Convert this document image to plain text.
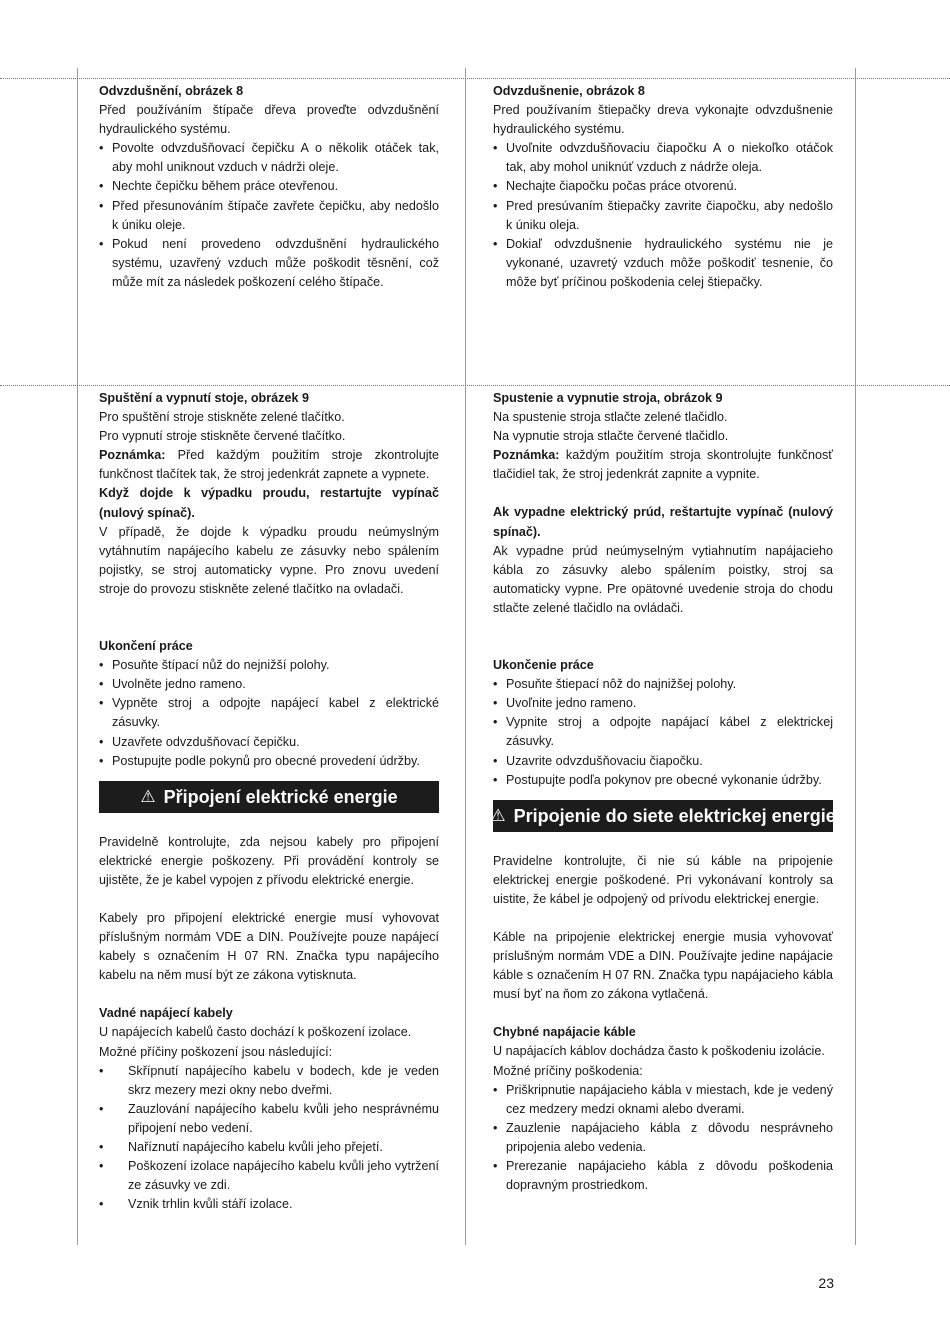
Odvzdušnění, obrázek 8

Před používáním štípače dřeva proveďte odvzdušnění hydraulického systému.

• Povolte odvzdušňovací čepičku A o několik otáček tak, aby mohl uniknout vzduch v nádrži oleje.
• Nechte čepičku během práce otevřenou.
• Před přesunováním štípače zavřete čepičku, aby nedošlo k úniku oleje.
• Pokud není provedeno odvzdušnění hydraulického systému, uzavřený vzduch může poškodit těsnění, což může mít za následek poškození celého štípače.
Spuštění a vypnutí stoje, obrázek 9

Pro spuštění stroje stiskněte zelené tlačítko.

Pro vypnutí stroje stiskněte červené tlačítko.

Poznámka: Před každým použitím stroje zkontrolujte funkčnost tlačítek tak, že stroj jedenkrát zapnete a vypnete.

Když dojde k výpadku proudu, restartujte vypínač (nulový spínač).

V případě, že dojde k výpadku proudu neúmyslným vytáhnutím napájecího kabelu ze zásuvky nebo spálením pojistky, se stroj automaticky vypne. Pro znovu uvedení stroje do provozu stiskněte zelené tlačítko na ovladači.

Ukončení práce
• Posuňte štípací nůž do nejnižší polohy.
• Uvolněte jedno rameno.
• Vypněte stroj a odpojte napájecí kabel z elektrické zásuvky.
• Uzavřete odvzdušňovací čepičku.
• Postupujte podle pokynů pro obecné provedení údržby.
⚠ Připojení elektrické energie

Pravidelně kontrolujte, zda nejsou kabely pro připojení elektrické energie poškozeny. Při provádění kontroly se ujistěte, že je kabel vypojen z přívodu elektrické energie.

Kabely pro připojení elektrické energie musí vyhovovat příslušným normám VDE a DIN. Používejte pouze napájecí kabely s označením H 07 RN. Značka typu napájecího kabelu na něm musí být ze zákona vytisknuta.

Vadné napájecí kabely

U napájecích kabelů často dochází k poškození izolace.

Možné příčiny poškození jsou následující:

• Skřípnutí napájecího kabelu v bodech, kde je veden skrz mezery mezi okny nebo dveřmi.
• Zauzlování napájecího kabelu kvůli jeho nesprávnému připojení nebo vedení.
• Naříznutí napájecího kabelu kvůli jeho přejetí.
• Poškození izolace napájecího kabelu kvůli jeho vytržení ze zásuvky ve zdi.
• Vznik trhlin kvůli stáří izolace.
Odvzdušnenie, obrázok 8

Pred používaním štiepačky dreva vykonajte odvzdušnenie hydraulického systému.

• Uvoľnite odvzdušňovaciu čiapočku A o niekoľko otáčok tak, aby mohol uniknúť vzduch z nádrže oleja.
• Nechajte čiapočku počas práce otvorenú.
• Pred presúvaním štiepačky zavrite čiapočku, aby nedošlo k úniku oleja.
• Dokiaľ odvzdušnenie hydraulického systému nie je vykonané, uzavretý vzduch môže poškodiť tesnenie, čo môže byť príčinou poškodenia celej štiepačky.
Spustenie a vypnutie stroja, obrázok 9

Na spustenie stroja stlačte zelené tlačidlo.

Na vypnutie stroja stlačte červené tlačidlo.

Poznámka: každým použitím stroja skontrolujte funkčnosť tlačidiel tak, že stroj jedenkrát zapnite a vypnite.

Ak vypadne elektrický prúd, reštartujte vypínač (nulový spínač).

Ak vypadne prúd neúmyselným vytiahnutím napájacieho kábla zo zásuvky alebo spálením poistky, stroj sa automaticky vypne. Pre opätovné uvedenie stroja do chodu stlačte zelené tlačidlo na ovládači.

Ukončenie práce
• Posuňte štiepací nôž do najnižšej polohy.
• Uvoľnite jedno rameno.
• Vypnite stroj a odpojte napájací kábel z elektrickej zásuvky.
• Uzavrite odvzdušňovaciu čiapočku.
• Postupujte podľa pokynov pre obecné vykonanie údržby.
⚠ Pripojenie do siete elektrickej energie

Pravidelne kontrolujte, či nie sú káble na pripojenie elektrickej energie poškodené. Pri vykonávaní kontroly sa uistite, že kábel je odpojený od prívodu elektrickej energie.

Káble na pripojenie elektrickej energie musia vyhovovať príslušným normám VDE a DIN. Používajte jedine napájacie káble s označením H 07 RN. Značka typu napájacieho kábla musí byť na ňom zo zákona vytlačená.

Chybné napájacie káble

U napájacích káblov dochádza často k poškodeniu izolácie.

Možné príčiny poškodenia:

• Priškripnutie napájacieho kábla v miestach, kde je vedený cez medzery medzi oknami alebo dverami.
• Zauzlenie napájacieho kábla z dôvodu nesprávneho pripojenia alebo vedenia.
• Prerezanie napájacieho kábla z dôvodu poškodenia dopravným prostriedkom.
23
